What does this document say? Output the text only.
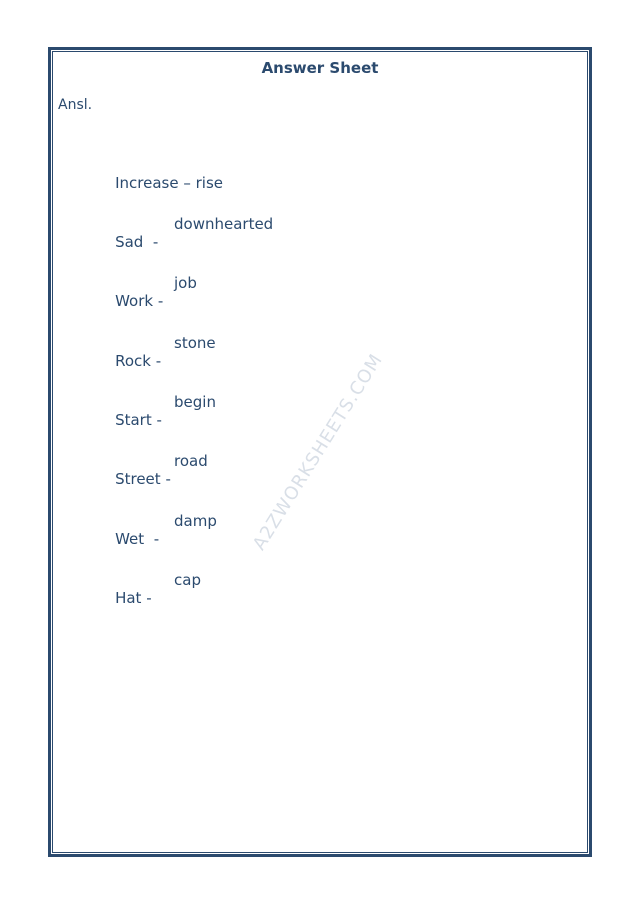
Answer Sheet
Ansl.
A2ZWORKSHEETS.COM

Increase – rise

Sad -
downhearted

Work -
job

Rock -
stone

Start -
begin

Street -
road

Wet -
damp

Hat -
cap
